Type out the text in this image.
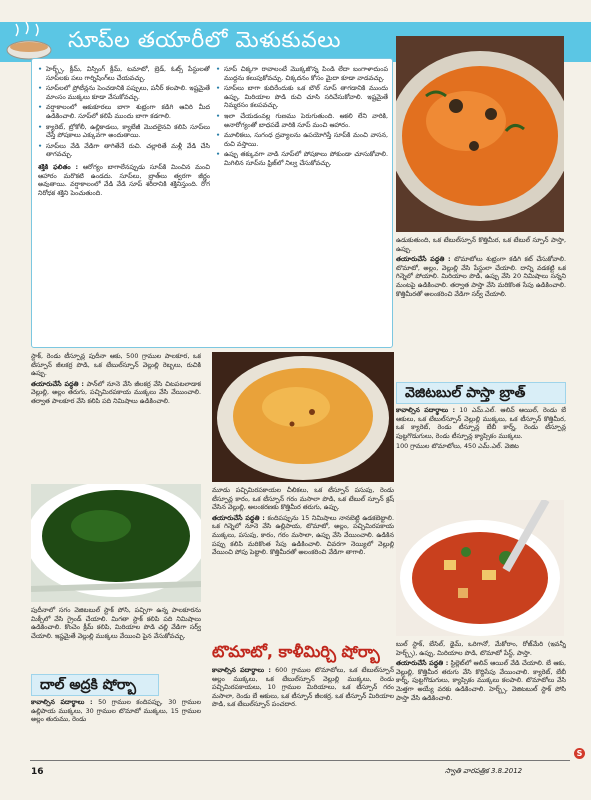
సూప్‌ల తయారీలో మెళుకువలు
• హెర్బ్స్, క్రీమ్, విస్పింగ్ క్రీమ్, టమాటో, బ్రెడ్, ఓట్స్ పేస్టులతో సూప్‌లకు పలు గార్నిషింగ్‌లు చేయవచ్చు.
• సూప్‌లలో ప్రోటీన్లను పెంచడానికి పప్పులు, పనీర్ కలపాలి. ఇష్టమైతే మాంసం ముక్కలు కూడా వేసుకోవచ్చు.
• వర్షాకాలంలో ఆకుకూరలు బాగా శుభ్రంగా కడిగి ఆవిరి మీద ఉడికించాలి. సూప్‌లో కలిపే ముందు బాగా కడగాలి.
• క్యారెట్, బ్రోకోలీ, ఉల్లికాడలు, క్యాబేజీ మొదలైనవి కలిపి సూప్‌లు చేస్తే పోషకాలు ఎక్కువగా అందుతాయి.
• సూప్‌లు వేడి వేడిగా తాగితేనే రుచి. చల్లారితే మళ్లీ వేడి చేసి తాగవచ్చు.

శక్తికి ఫలితం : ఆరోగ్యం బాగాలేనప్పుడు సూప్‌కి మించిన మంచి ఆహారం మరొకటి ఉండదు. సూప్‌లు, బ్రాత్‌లు త్వరగా జీర్ణం అవుతాయి. వర్షాకాలంలో వేడి వేడి సూప్ శరీరానికి శక్తినిస్తుంది. రోగ నిరోధక శక్తిని పెంచుతుంది.

• సూప్ చిక్కగా రావాలంటే మొక్కజొన్న పిండి లేదా బంగాళాదుంప ముద్దను కలుపుకోవచ్చు. చిక్కదనం కోసం మైదా కూడా వాడవచ్చు.
• సూప్‌లు బాగా కుదిరేందుకు ఒక బౌల్ సూప్ తాగడానికి ముందు ఉప్పు, మిరియాల పొడి రుచి చూసి సరిచేసుకోవాలి. ఇష్టమైతే నిమ్మరసం కలపవచ్చు.
• ఇలా చేయడంవల్ల గుణము పెరుగుతుంది. ఆకలి లేని వారికి, అనారోగ్యంతో బాధపడే వారికి సూప్ మంచి ఆహారం.
• మూలికలు, సుగంధ ద్రవ్యాలను ఉపయోగిస్తే సూప్‌కి మంచి వాసన, రుచి వస్తాయి.
• ఉప్పు తక్కువగా వాడి సూప్‌లో పోషకాలు పోకుండా చూసుకోవాలి. మిగిలిన సూప్‌ను ఫ్రిజ్‌లో నిల్వ చేసుకోవచ్చు.

ఉడుకుతుంది, ఒక టేబుల్‌స్పూన్ కొత్తిమీర, ఒక టేబుల్ స్పూన్ పాస్తా, ఉప్పు.

తయారుచేసే పద్ధతి : టొమాటోలు శుభ్రంగా కడిగి కట్ చేసుకోవాలి. టొమాటో, అల్లం, వెల్లుల్లి వేసి పేస్టులా చేయాలి. దాన్ని వడకట్టి ఒక గిన్నెలో పోయాలి. మిరియాల పొడి, ఉప్పు వేసి 20 నిమిషాలు సన్నని మంటపై ఉడికించాలి. తర్వాత పాస్తా వేసి మరికొంత సేపు ఉడికించాలి. కొత్తిమీరతో అలంకరించి వేడిగా సర్వ్ చేయాలి.

వెజిటబుల్ పాస్తా బ్రాత్

కావాల్సిన పదార్థాలు : 10 ఎమ్.ఎల్. ఆలివ్ ఆయిల్, రెండు బే ఆకులు, ఒక టేబుల్‌స్పూన్ వెల్లుల్లి ముక్కలు, ఒక టీస్పూన్ కొత్తిమీర, ఒక క్యారెట్, రెండు టీస్పూన్ల బేబీ కార్న్, రెండు టీస్పూన్ల పుట్టగొడుగులు, రెండు టీస్పూన్ల క్యాప్సికం ముక్కలు.

100 గ్రాముల టొమాటోలు, 450 ఎమ్.ఎల్. వెజిట

బుల్ స్టాక్, బేసిల్, థైమ్, ఒరిగానో, మేకోరాం, రోజ్‌మేరి (ఇవన్నీ హెర్బ్స్), ఉప్పు, మిరియాల పొడి, టొమాటో పేస్ట్, పాస్తా.

తయారుచేసే పద్ధతి : స్టిల్లెట్‌లో ఆలివ్ ఆయిల్ వేడి చేయాలి. బే ఆకు, వెల్లుల్లి, కొత్తిమీర తరుగు వేసి కొద్దిసేపు వేయించాలి. క్యారెట్, బేబీ కార్న్, పుట్టగొడుగులు, క్యాప్సికం ముక్కలు కలపాలి. టొమాటోలు వేసి మెత్తగా అయ్యే వరకు ఉడికించాలి. హెర్బ్స్, వెజిటబుల్ స్టాక్ పోసి పాస్తా వేసి ఉడికించాలి.

స్టాక్, రెండు టీస్పూన్ల పుదీనా ఆకు, 500 గ్రాముల పాలకూర, ఒక టీస్పూన్ జీలకర్ర పొడి, ఒక టేబుల్‌స్పూన్ వెల్లుల్లి రెబ్బలు, రుచికి ఉప్పు.

తయారుచేసే పద్ధతి : పాన్‌లో నూనె వేసి జీలకర్ర వేసి చిటపటలాడాక వెల్లుల్లి, అల్లం తరుగు, పచ్చిమిరపకాయ ముక్కలు వేసి వేయించాలి. తర్వాత పాలకూర వేసి కలిపి పది నిమిషాలు ఉడికించాలి.

పుదీనాలో సగం వెజిటబుల్ స్టాక్ పోసి, పచ్చిగా ఉన్న పాలకూరను మిక్సీలో వేసి గ్రైండ్ చేయాలి. మిగతా స్టాక్ కలిపి పది నిమిషాలు ఉడికించాలి. కొంచెం క్రీమ్ కలిపి, మిరియాల పొడి చల్లి వేడిగా సర్వ్ చేయాలి. ఇష్టమైతే వెల్లుల్లి ముక్కలు వేయించి పైన వేసుకోవచ్చు.

దాల్ అద్రకి షోర్బా

కావాల్సిన పదార్థాలు : 50 గ్రాముల కందిపప్పు, 30 గ్రాముల ఉల్లిపాయ ముక్కలు, 30 గ్రాముల టొమాటో ముక్కలు, 15 గ్రాముల అల్లం తురుము, రెండు

మూడు పచ్చిమిరపకాయల చీలికలు, ఒక టీస్పూన్ పసుపు, రెండు టీస్పూన్ల కారం, ఒక టీస్పూన్ గరం మసాలా పొడి, ఒక టేబుల్ స్పూన్ క్రష్ చేసిన వెల్లుల్లి, అలంకరణకు కొత్తిమీర తరుగు, ఉప్పు.

తయారుచేసే పద్ధతి : కందిపప్పును 15 నిమిషాలు నానబెట్టి ఉడకబెట్టాలి. ఒక గిన్నెలో నూనె వేసి ఉల్లిపాయ, టొమాటో, అల్లం, పచ్చిమిరపకాయ ముక్కలు, పసుపు, కారం, గరం మసాలా, ఉప్పు వేసి వేయించాలి. ఉడికిన పప్పు కలిపి మరికొంత సేపు ఉడికించాలి. చివరగా నెయ్యిలో వెల్లుల్లి వేయించి పోపు పెట్టాలి. కొత్తిమీరతో అలంకరించి వేడిగా తాగాలి.

టొమాటో, కాళీమిర్చి షోర్బా

కావాల్సిన పదార్థాలు : 600 గ్రాముల టొమాటోలు, ఒక టేబుల్‌స్పూన్ అల్లం ముక్కలు, ఒక టేబుల్‌స్పూన్ వెల్లుల్లి ముక్కలు, రెండు పచ్చిమిరపకాయలు, 10 గ్రాముల మిరియాలు, ఒక టీస్పూన్ గరం మసాలా, రెండు బే ఆకులు, ఒక టీస్పూన్ జీలకర్ర, ఒక టీస్పూన్ మిరియాల పొడి, ఒక టేబుల్‌స్పూన్ పంచదార.

16	స్వాతి వారపత్రిక 3.8.2012
S
